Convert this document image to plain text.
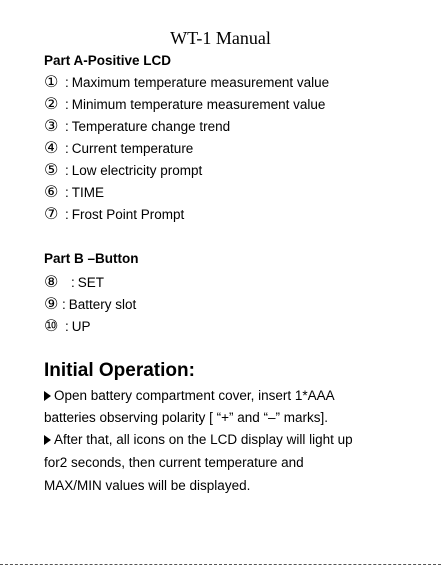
WT-1 Manual
Part A-Positive LCD
① : Maximum temperature measurement value
② : Minimum temperature measurement value
③ : Temperature change trend
④ : Current temperature
⑤ : Low electricity prompt
⑥ : TIME
⑦ : Frost Point Prompt
Part B –Button
⑧ : SET
⑨ : Battery slot
⑩ : UP
Initial Operation:
Open battery compartment cover, insert 1*AAA
batteries observing polarity [ “+” and “–” marks].
After that, all icons on the LCD display will light up
for2 seconds, then current temperature and
MAX/MIN values will be displayed.
